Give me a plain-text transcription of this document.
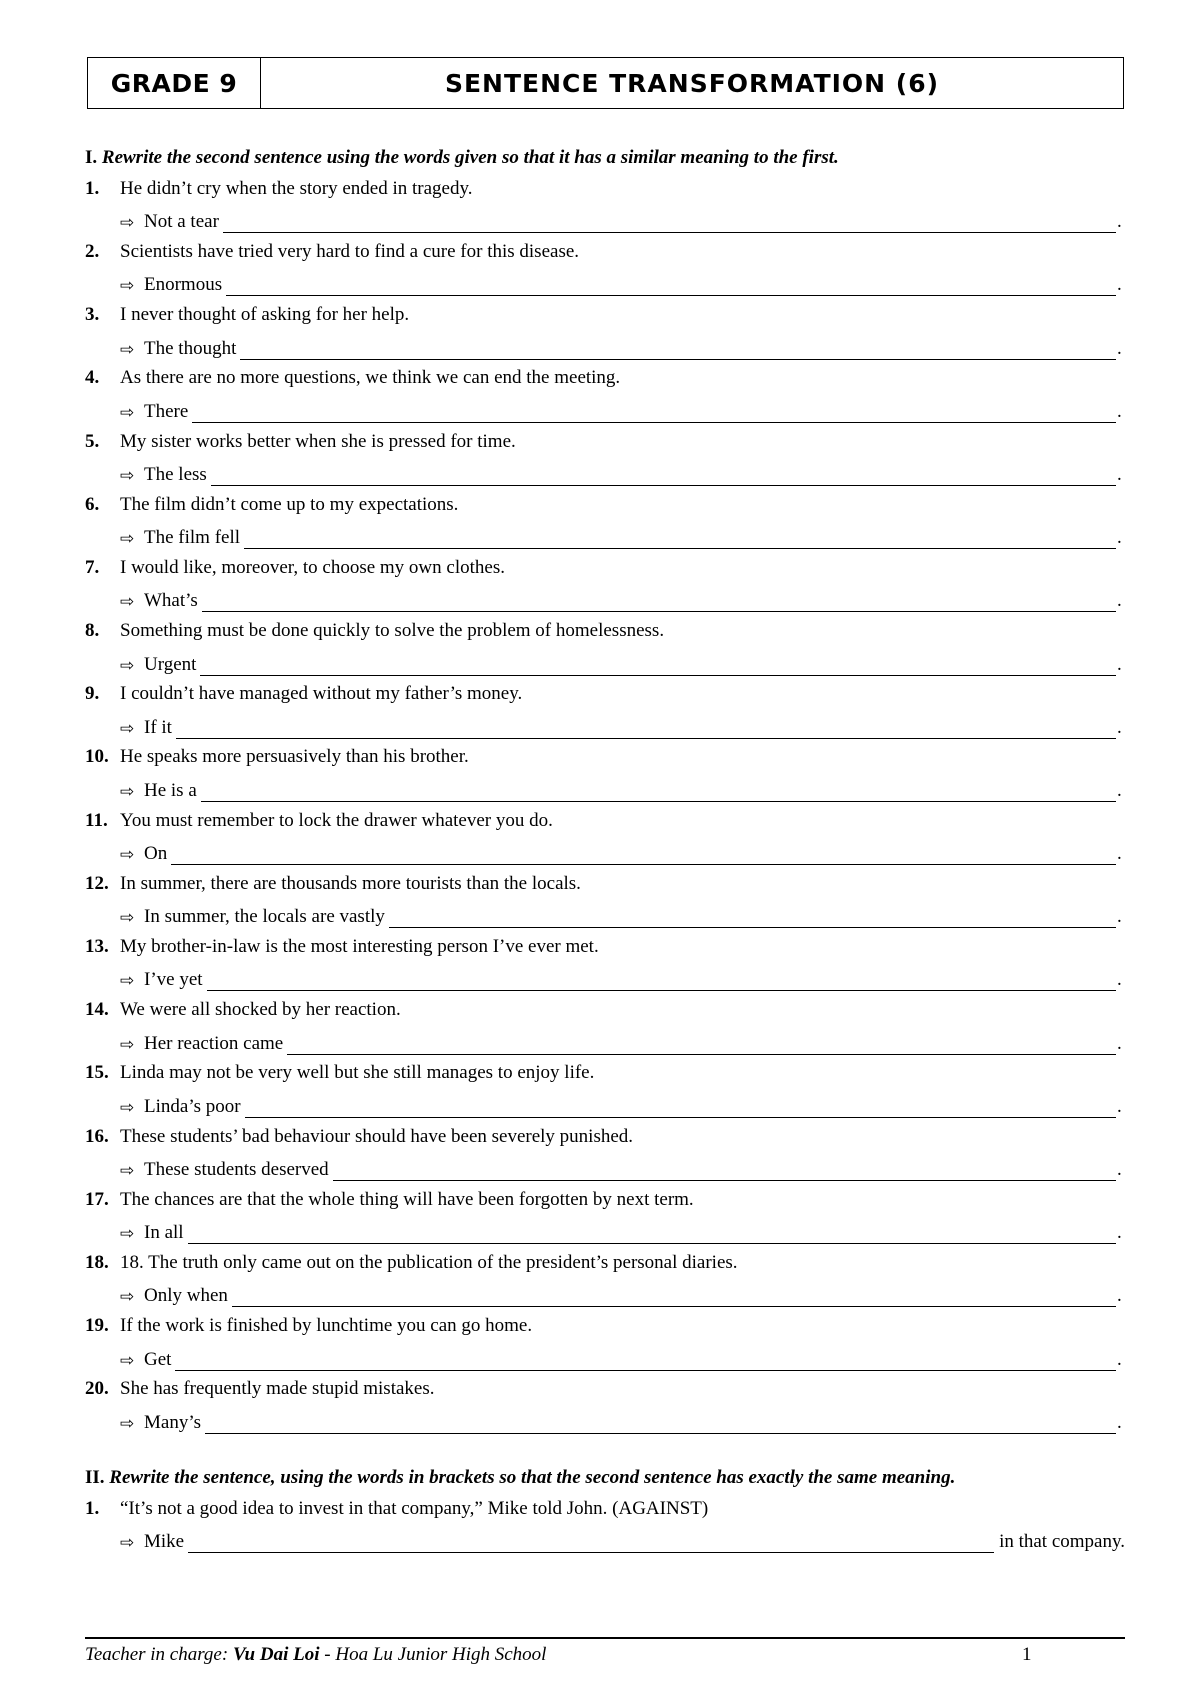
GRADE 9	SENTENCE TRANSFORMATION (6)
I. Rewrite the second sentence using the words given so that it has a similar meaning to the first.
1.	He didn’t cry when the story ended in tragedy.
⇨ Not a tear	.
2.	Scientists have tried very hard to find a cure for this disease.
⇨ Enormous	.
3.	I never thought of asking for her help.
⇨ The thought	.
4.	As there are no more questions, we think we can end the meeting.
⇨ There	.
5.	My sister works better when she is pressed for time.
⇨ The less	.
6.	The film didn’t come up to my expectations.
⇨ The film fell	.
7.	I would like, moreover, to choose my own clothes.
⇨ What’s	.
8.	Something must be done quickly to solve the problem of homelessness.
⇨ Urgent	.
9.	I couldn’t have managed without my father’s money.
⇨ If it	.
10. He speaks more persuasively than his brother.
⇨ He is a	.
11. You must remember to lock the drawer whatever you do.
⇨ On	.
12. In summer, there are thousands more tourists than the locals.
⇨ In summer, the locals are vastly	.
13. My brother-in-law is the most interesting person I’ve ever met.
⇨ I’ve yet	.
14. We were all shocked by her reaction.
⇨ Her reaction came	.
15. Linda may not be very well but she still manages to enjoy life.
⇨ Linda’s poor	.
16. These students’ bad behaviour should have been severely punished.
⇨ These students deserved	.
17. The chances are that the whole thing will have been forgotten by next term.
⇨ In all	.
18. 18. The truth only came out on the publication of the president’s personal diaries.
⇨ Only when	.
19. If the work is finished by lunchtime you can go home.
⇨ Get	.
20. She has frequently made stupid mistakes.
⇨ Many’s	.
II. Rewrite the sentence, using the words in brackets so that the second sentence has exactly the same meaning.
1.	“It’s not a good idea to invest in that company,” Mike told John. (AGAINST)
⇨ Mike	in that company.
Teacher in charge: Vu Dai Loi - Hoa Lu Junior High School	1
